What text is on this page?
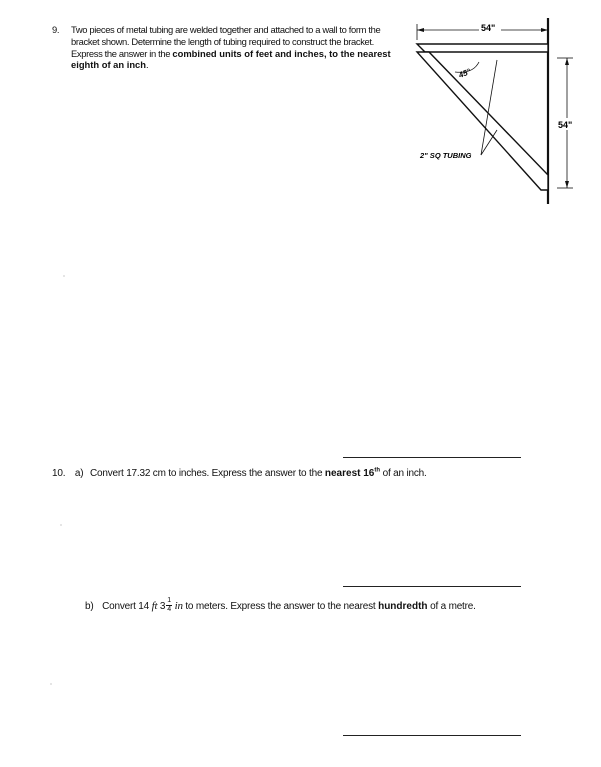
9. Two pieces of metal tubing are welded together and attached to a wall to form the bracket shown. Determine the length of tubing required to construct the bracket. Express the answer in the combined units of feet and inches, to the nearest eighth of an inch.
54"
54"
45°
2" SQ TUBING
10. a) Convert 17.32 cm to inches. Express the answer to the nearest 16th of an inch.
b) Convert 14 ft $3 \frac{1}{4}$ in to meters. Express the answer to the nearest hundredth of a metre.
